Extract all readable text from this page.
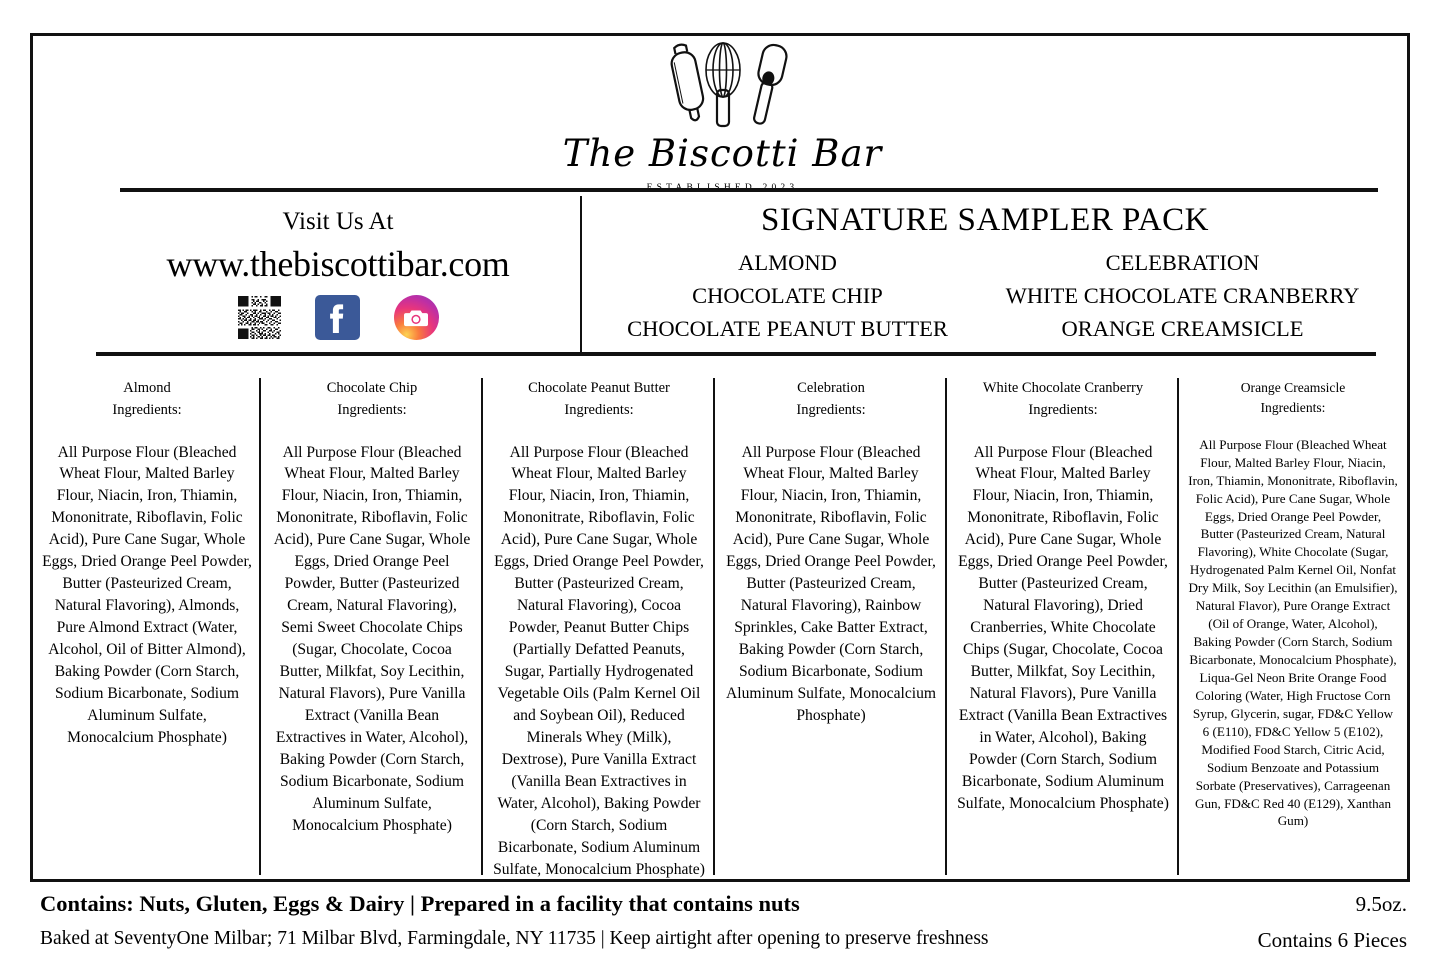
The Biscotti Bar
Visit Us At
www.thebiscottibar.com
SIGNATURE SAMPLER PACK
ALMOND
CHOCOLATE CHIP
CHOCOLATE PEANUT BUTTER
CELEBRATION
WHITE CHOCOLATE CRANBERRY
ORANGE CREAMSICLE
Almond
Ingredients:
All Purpose Flour (Bleached Wheat Flour, Malted Barley Flour, Niacin, Iron, Thiamin, Mononitrate, Riboflavin, Folic Acid), Pure Cane Sugar, Whole Eggs, Dried Orange Peel Powder, Butter (Pasteurized Cream, Natural Flavoring), Almonds, Pure Almond Extract (Water, Alcohol, Oil of Bitter Almond), Baking Powder (Corn Starch, Sodium Bicarbonate, Sodium Aluminum Sulfate, Monocalcium Phosphate)
Chocolate Chip
Ingredients:
All Purpose Flour (Bleached Wheat Flour, Malted Barley Flour, Niacin, Iron, Thiamin, Mononitrate, Riboflavin, Folic Acid), Pure Cane Sugar, Whole Eggs, Dried Orange Peel Powder, Butter (Pasteurized Cream, Natural Flavoring), Semi Sweet Chocolate Chips (Sugar, Chocolate, Cocoa Butter, Milkfat, Soy Lecithin, Natural Flavors), Pure Vanilla Extract (Vanilla Bean Extractives in Water, Alcohol), Baking Powder (Corn Starch, Sodium Bicarbonate, Sodium Aluminum Sulfate, Monocalcium Phosphate)
Chocolate Peanut Butter
Ingredients:
All Purpose Flour (Bleached Wheat Flour, Malted Barley Flour, Niacin, Iron, Thiamin, Mononitrate, Riboflavin, Folic Acid), Pure Cane Sugar, Whole Eggs, Dried Orange Peel Powder, Butter (Pasteurized Cream, Natural Flavoring), Cocoa Powder, Peanut Butter Chips (Partially Defatted Peanuts, Sugar, Partially Hydrogenated Vegetable Oils (Palm Kernel Oil and Soybean Oil), Reduced Minerals Whey (Milk), Dextrose), Pure Vanilla Extract (Vanilla Bean Extractives in Water, Alcohol), Baking Powder (Corn Starch, Sodium Bicarbonate, Sodium Aluminum Sulfate, Monocalcium Phosphate)
Celebration
Ingredients:
All Purpose Flour (Bleached Wheat Flour, Malted Barley Flour, Niacin, Iron, Thiamin, Mononitrate, Riboflavin, Folic Acid), Pure Cane Sugar, Whole Eggs, Dried Orange Peel Powder, Butter (Pasteurized Cream, Natural Flavoring), Rainbow Sprinkles, Cake Batter Extract, Baking Powder (Corn Starch, Sodium Bicarbonate, Sodium Aluminum Sulfate, Monocalcium Phosphate)
White Chocolate Cranberry
Ingredients:
All Purpose Flour (Bleached Wheat Flour, Malted Barley Flour, Niacin, Iron, Thiamin, Mononitrate, Riboflavin, Folic Acid), Pure Cane Sugar, Whole Eggs, Dried Orange Peel Powder, Butter (Pasteurized Cream, Natural Flavoring), Dried Cranberries, White Chocolate Chips (Sugar, Chocolate, Cocoa Butter, Milkfat, Soy Lecithin, Natural Flavors), Pure Vanilla Extract (Vanilla Bean Extractives in Water, Alcohol), Baking Powder (Corn Starch, Sodium Bicarbonate, Sodium Aluminum Sulfate, Monocalcium Phosphate)
Orange Creamsicle
Ingredients:
All Purpose Flour (Bleached Wheat Flour, Malted Barley Flour, Niacin, Iron, Thiamin, Mononitrate, Riboflavin, Folic Acid), Pure Cane Sugar, Whole Eggs, Dried Orange Peel Powder, Butter (Pasteurized Cream, Natural Flavoring), White Chocolate (Sugar, Hydrogenated Palm Kernel Oil, Nonfat Dry Milk, Soy Lecithin (an Emulsifier), Natural Flavor), Pure Orange Extract (Oil of Orange, Water, Alcohol), Baking Powder (Corn Starch, Sodium Bicarbonate, Monocalcium Phosphate), Liqua-Gel Neon Brite Orange Food Coloring (Water, High Fructose Corn Syrup, Glycerin, sugar, FD&C Yellow 6 (E110), FD&C Yellow 5 (E102), Modified Food Starch, Citric Acid, Sodium Benzoate and Potassium Sorbate (Preservatives), Carrageenan Gun, FD&C Red 40 (E129), Xanthan Gum)
Contains: Nuts, Gluten, Eggs & Dairy | Prepared in a facility that contains nuts
Baked at SeventyOne Milbar; 71 Milbar Blvd, Farmingdale, NY 11735 | Keep airtight after opening to preserve freshness
9.5oz.
Contains 6 Pieces
